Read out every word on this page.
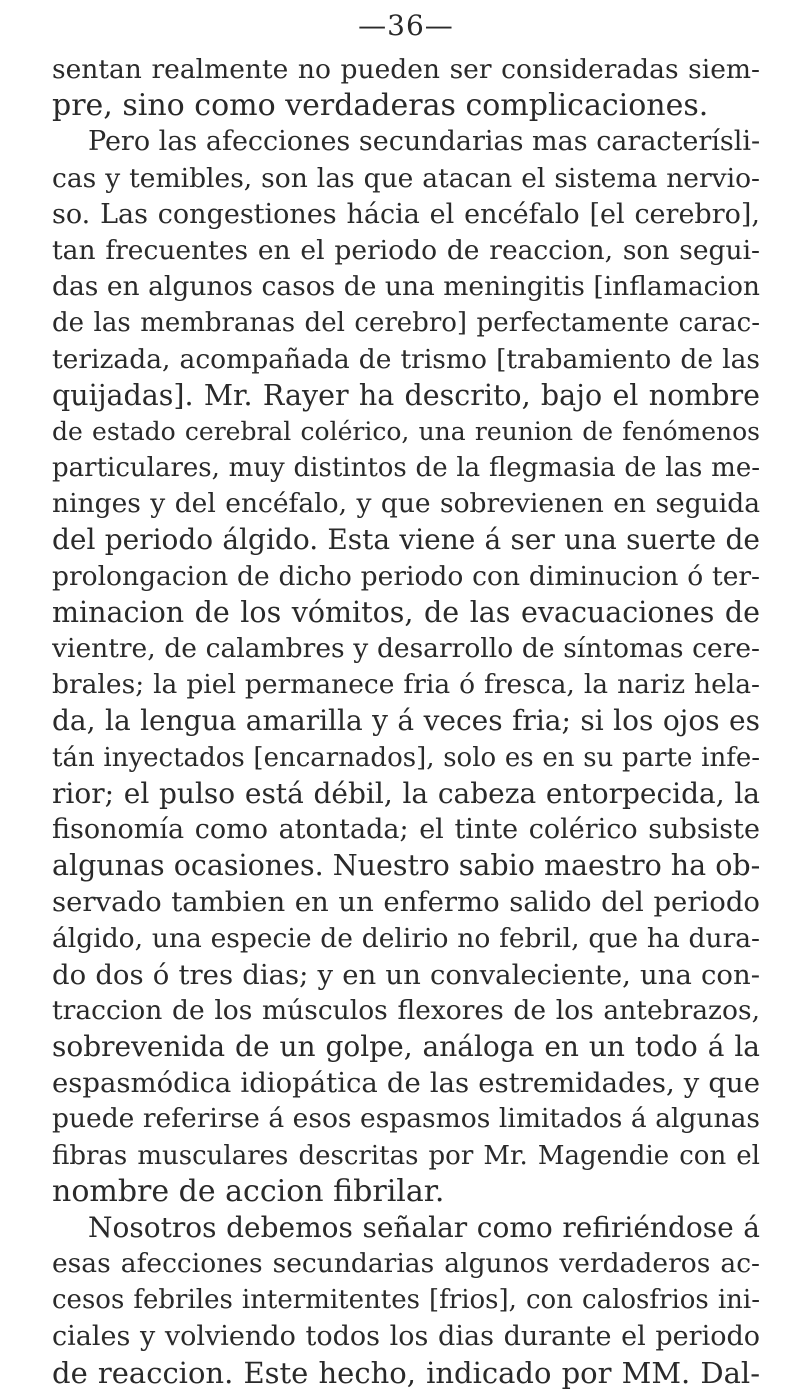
—36—
sentan realmente no pueden ser consideradas siem-
pre, sino como verdaderas complicaciones.
Pero las afecciones secundarias mas caracterísli-
cas y temibles, son las que atacan el sistema nervio-
so. Las congestiones hácia el encéfalo [el cerebro],
tan frecuentes en el periodo de reaccion, son segui-
das en algunos casos de una meningitis [inflamacion
de las membranas del cerebro] perfectamente carac-
terizada, acompañada de trismo [trabamiento de las
quijadas]. Mr. Rayer ha descrito, bajo el nombre
de estado cerebral colérico, una reunion de fenómenos
particulares, muy distintos de la flegmasia de las me-
ninges y del encéfalo, y que sobrevienen en seguida
del periodo álgido. Esta viene á ser una suerte de
prolongacion de dicho periodo con diminucion ó ter-
minacion de los vómitos, de las evacuaciones de
vientre, de calambres y desarrollo de síntomas cere-
brales; la piel permanece fria ó fresca, la nariz hela-
da, la lengua amarilla y á veces fria; si los ojos es
tán inyectados [encarnados], solo es en su parte infe-
rior; el pulso está débil, la cabeza entorpecida, la
fisonomía como atontada; el tinte colérico subsiste
algunas ocasiones. Nuestro sabio maestro ha ob-
servado tambien en un enfermo salido del periodo
álgido, una especie de delirio no febril, que ha dura-
do dos ó tres dias; y en un convaleciente, una con-
traccion de los músculos flexores de los antebrazos,
sobrevenida de un golpe, análoga en un todo á la
espasmódica idiopática de las estremidades, y que
puede referirse á esos espasmos limitados á algunas
fibras musculares descritas por Mr. Magendie con el
nombre de accion fibrilar.
Nosotros debemos señalar como refiriéndose á
esas afecciones secundarias algunos verdaderos ac-
cesos febriles intermitentes [frios], con calosfrios ini-
ciales y volviendo todos los dias durante el periodo
de reaccion. Este hecho, indicado por MM. Dal-
